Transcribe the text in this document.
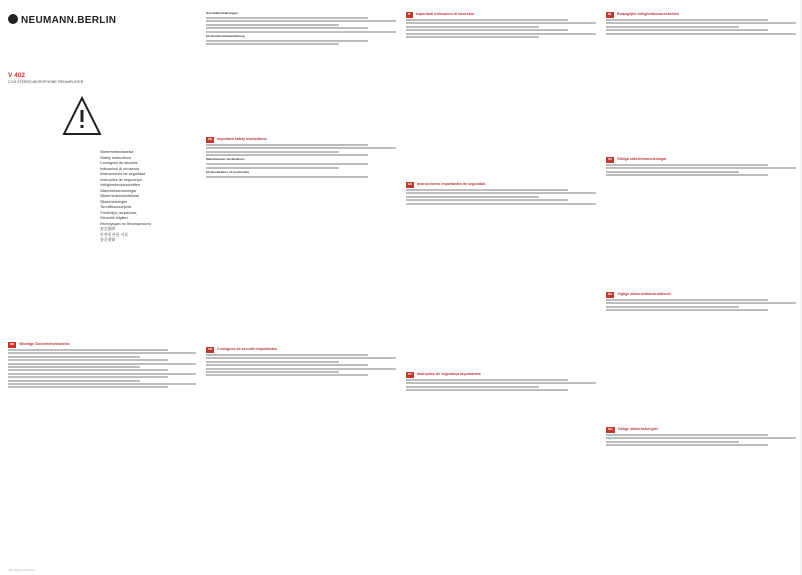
NEUMANN.BERLIN
V 402
2-CH STEREO MICROPHONE PREAMPLIFIER
Sicherheitshinweise
Safety Instructions
Consignes de sécurité
Indicazioni di sicurezza
Instrucciones de seguridad
Instruções de segurança
Veiligheidsvoorschriften
Säkerhetsanvisningar
Sikkerhedsinstruktioner
Sikkerhetsregler
Turvallisuusohjeita
Υποδείξεις ασφαλείας
Güvenlik bilgileri
Инструкции по безопасности
安全説明
안전에 관한 지침
安全須知
DE Wichtige Sicherheitshinweise
V402_Safety-Instructions
Herstellererklärungen
EU-Konformitätserklärung
EN Important safety instructions
Manufacturer declarations
EU Declaration of Conformity
FR Consignes de sécurité importantes
IT Importanti indicazioni di sicurezza
ES Instrucciones importantes de seguridad
PT Instruções de segurança importantes
NL Belangrijke veiligheidsvoorschriften
SV Viktiga säkerhetsanvisningar
DA Vigtige sikkerhedsinstruktioner
NO Viktige sikkerhetsregler
